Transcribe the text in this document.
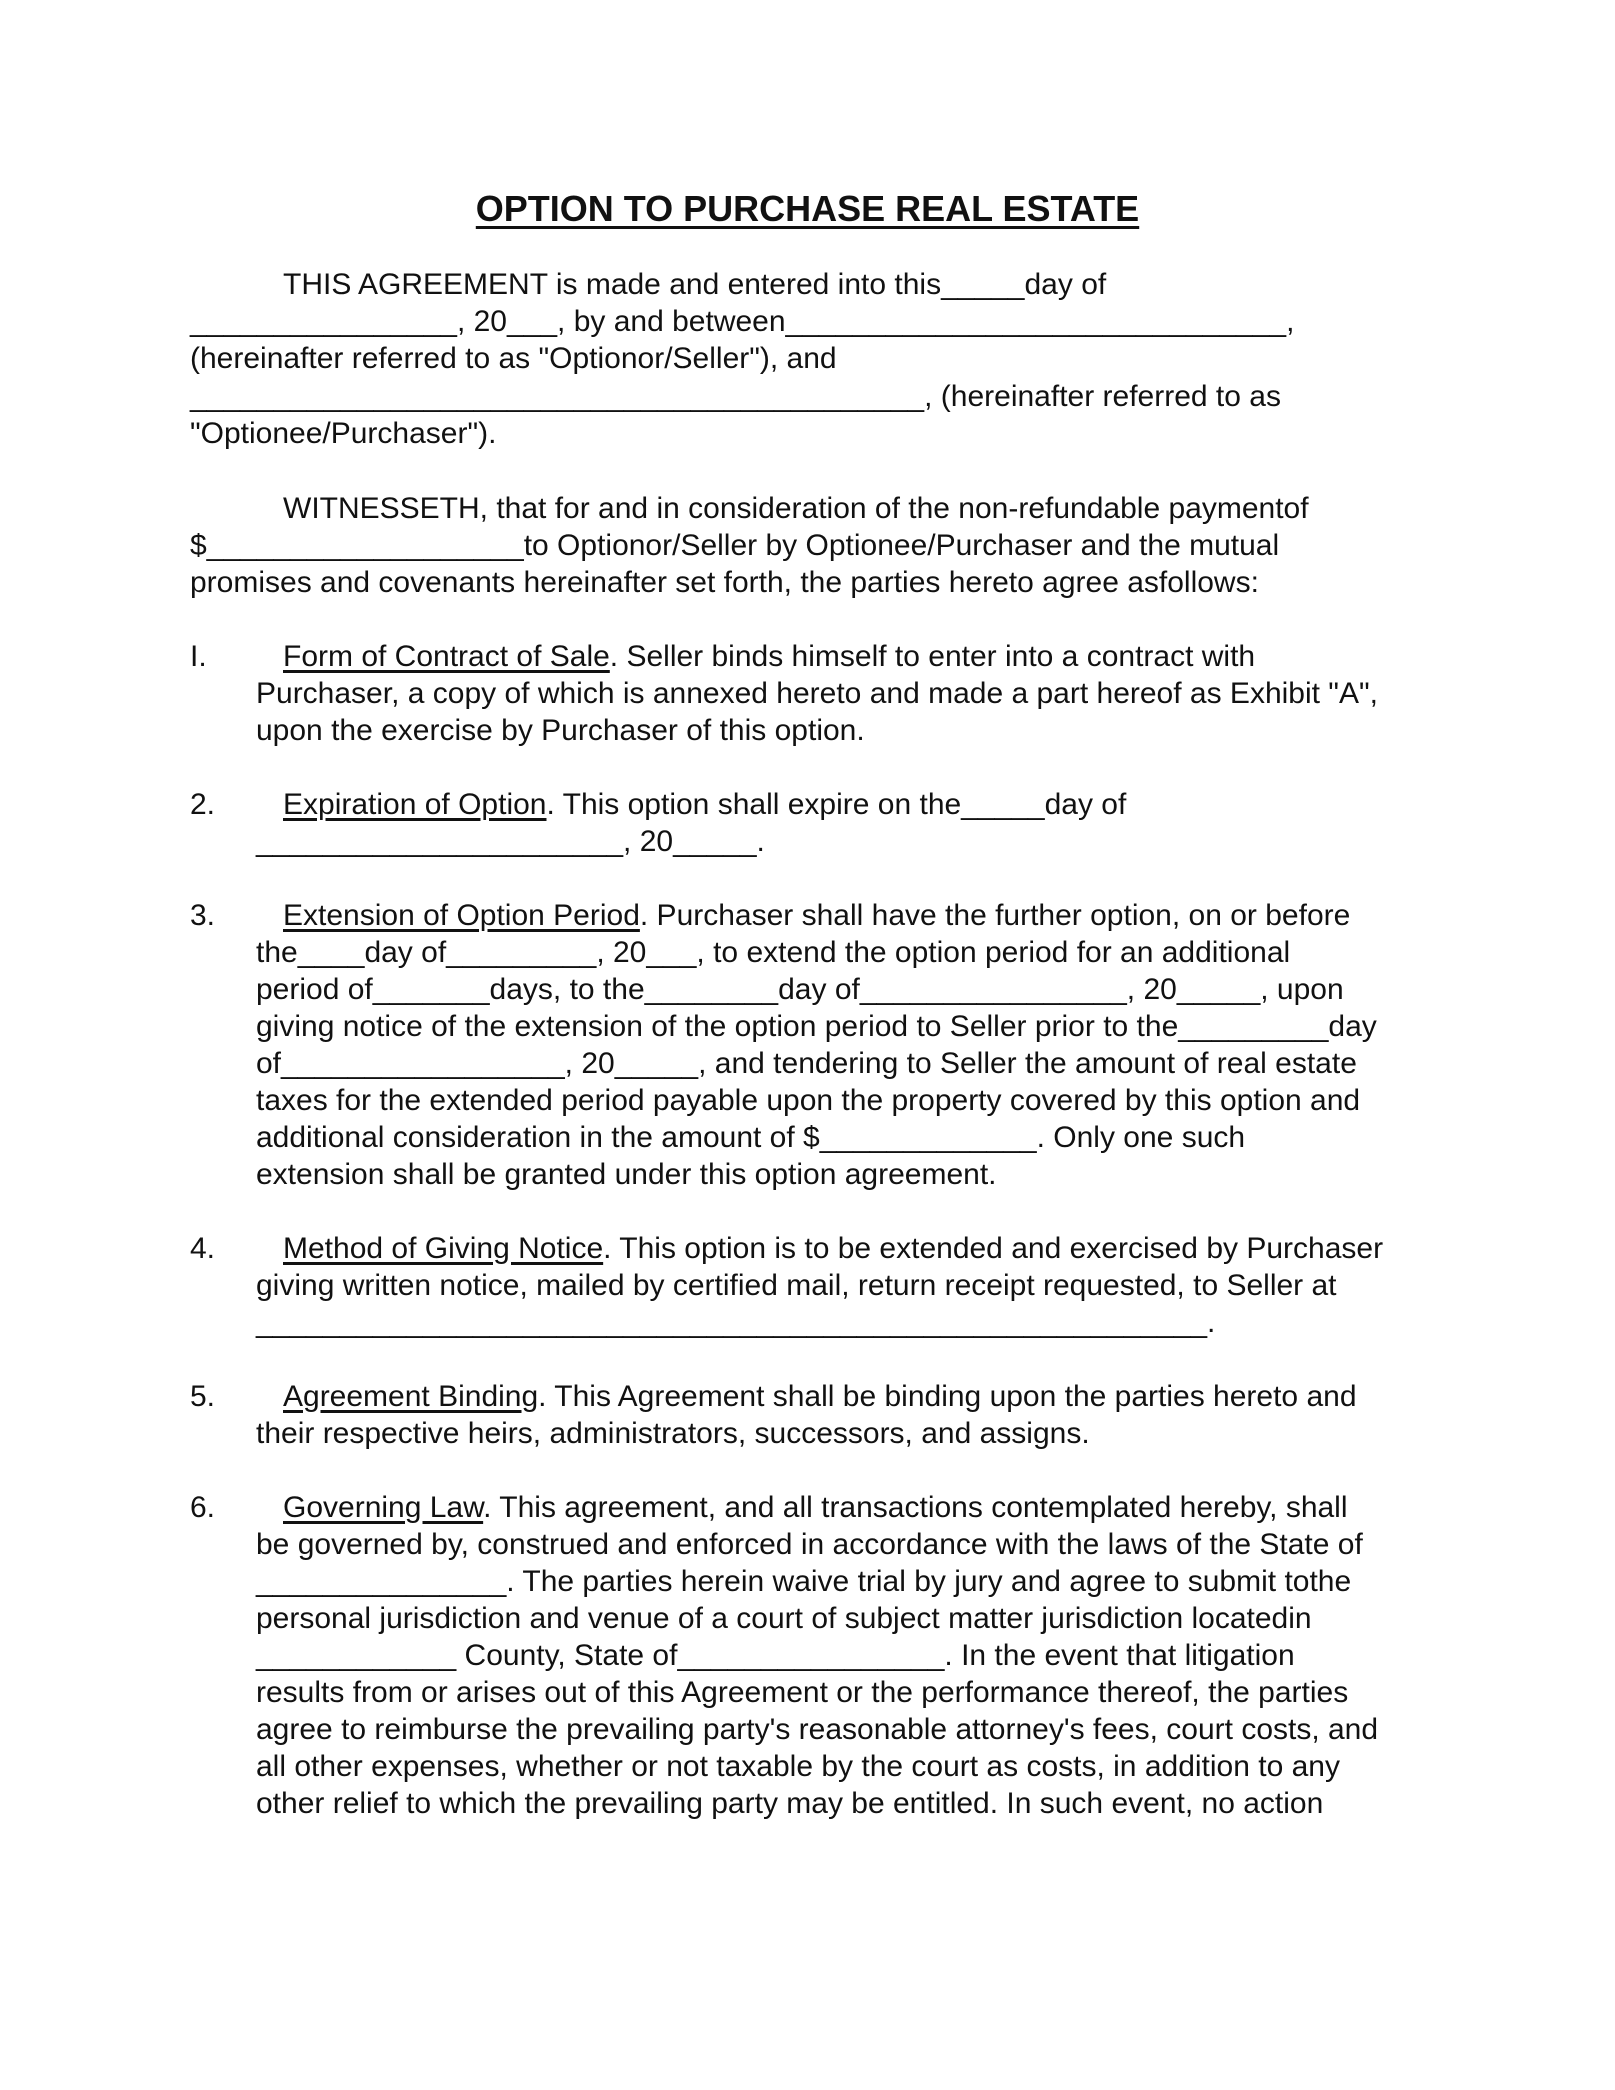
OPTION TO PURCHASE REAL ESTATE
THIS AGREEMENT is made and entered into this_____day of
________________, 20___, by and between______________________________,
(hereinafter referred to as "Optionor/Seller"), and
____________________________________________, (hereinafter referred to as
"Optionee/Purchaser").
WITNESSETH, that for and in consideration of the non-refundable paymentof
$___________________to Optionor/Seller by Optionee/Purchaser and the mutual
promises and covenants hereinafter set forth, the parties hereto agree asfollows:
I.	Form of Contract of Sale. Seller binds himself to enter into a contract with
Purchaser, a copy of which is annexed hereto and made a part hereof as Exhibit "A",
upon the exercise by Purchaser of this option.
2. Expiration of Option. This option shall expire on the_____day of
______________________, 20_____.
3. Extension of Option Period. Purchaser shall have the further option, on or before
the____day of_________, 20___, to extend the option period for an additional
period of_______days, to the________day of________________, 20_____, upon
giving notice of the extension of the option period to Seller prior to the_________day
of_________________, 20_____, and tendering to Seller the amount of real estate
taxes for the extended period payable upon the property covered by this option and
additional consideration in the amount of $_____________. Only one such
extension shall be granted under this option agreement.
4. Method of Giving Notice. This option is to be extended and exercised by Purchaser
giving written notice, mailed by certified mail, return receipt requested, to Seller at
_________________________________________________________.
5. Agreement Binding. This Agreement shall be binding upon the parties hereto and
their respective heirs, administrators, successors, and assigns.
6. Governing Law. This agreement, and all transactions contemplated hereby, shall
be governed by, construed and enforced in accordance with the laws of the State of
_______________. The parties herein waive trial by jury and agree to submit tothe
personal jurisdiction and venue of a court of subject matter jurisdiction locatedin
____________ County, State of________________. In the event that litigation
results from or arises out of this Agreement or the performance thereof, the parties
agree to reimburse the prevailing party's reasonable attorney's fees, court costs, and
all other expenses, whether or not taxable by the court as costs, in addition to any
other relief to which the prevailing party may be entitled. In such event, no action
